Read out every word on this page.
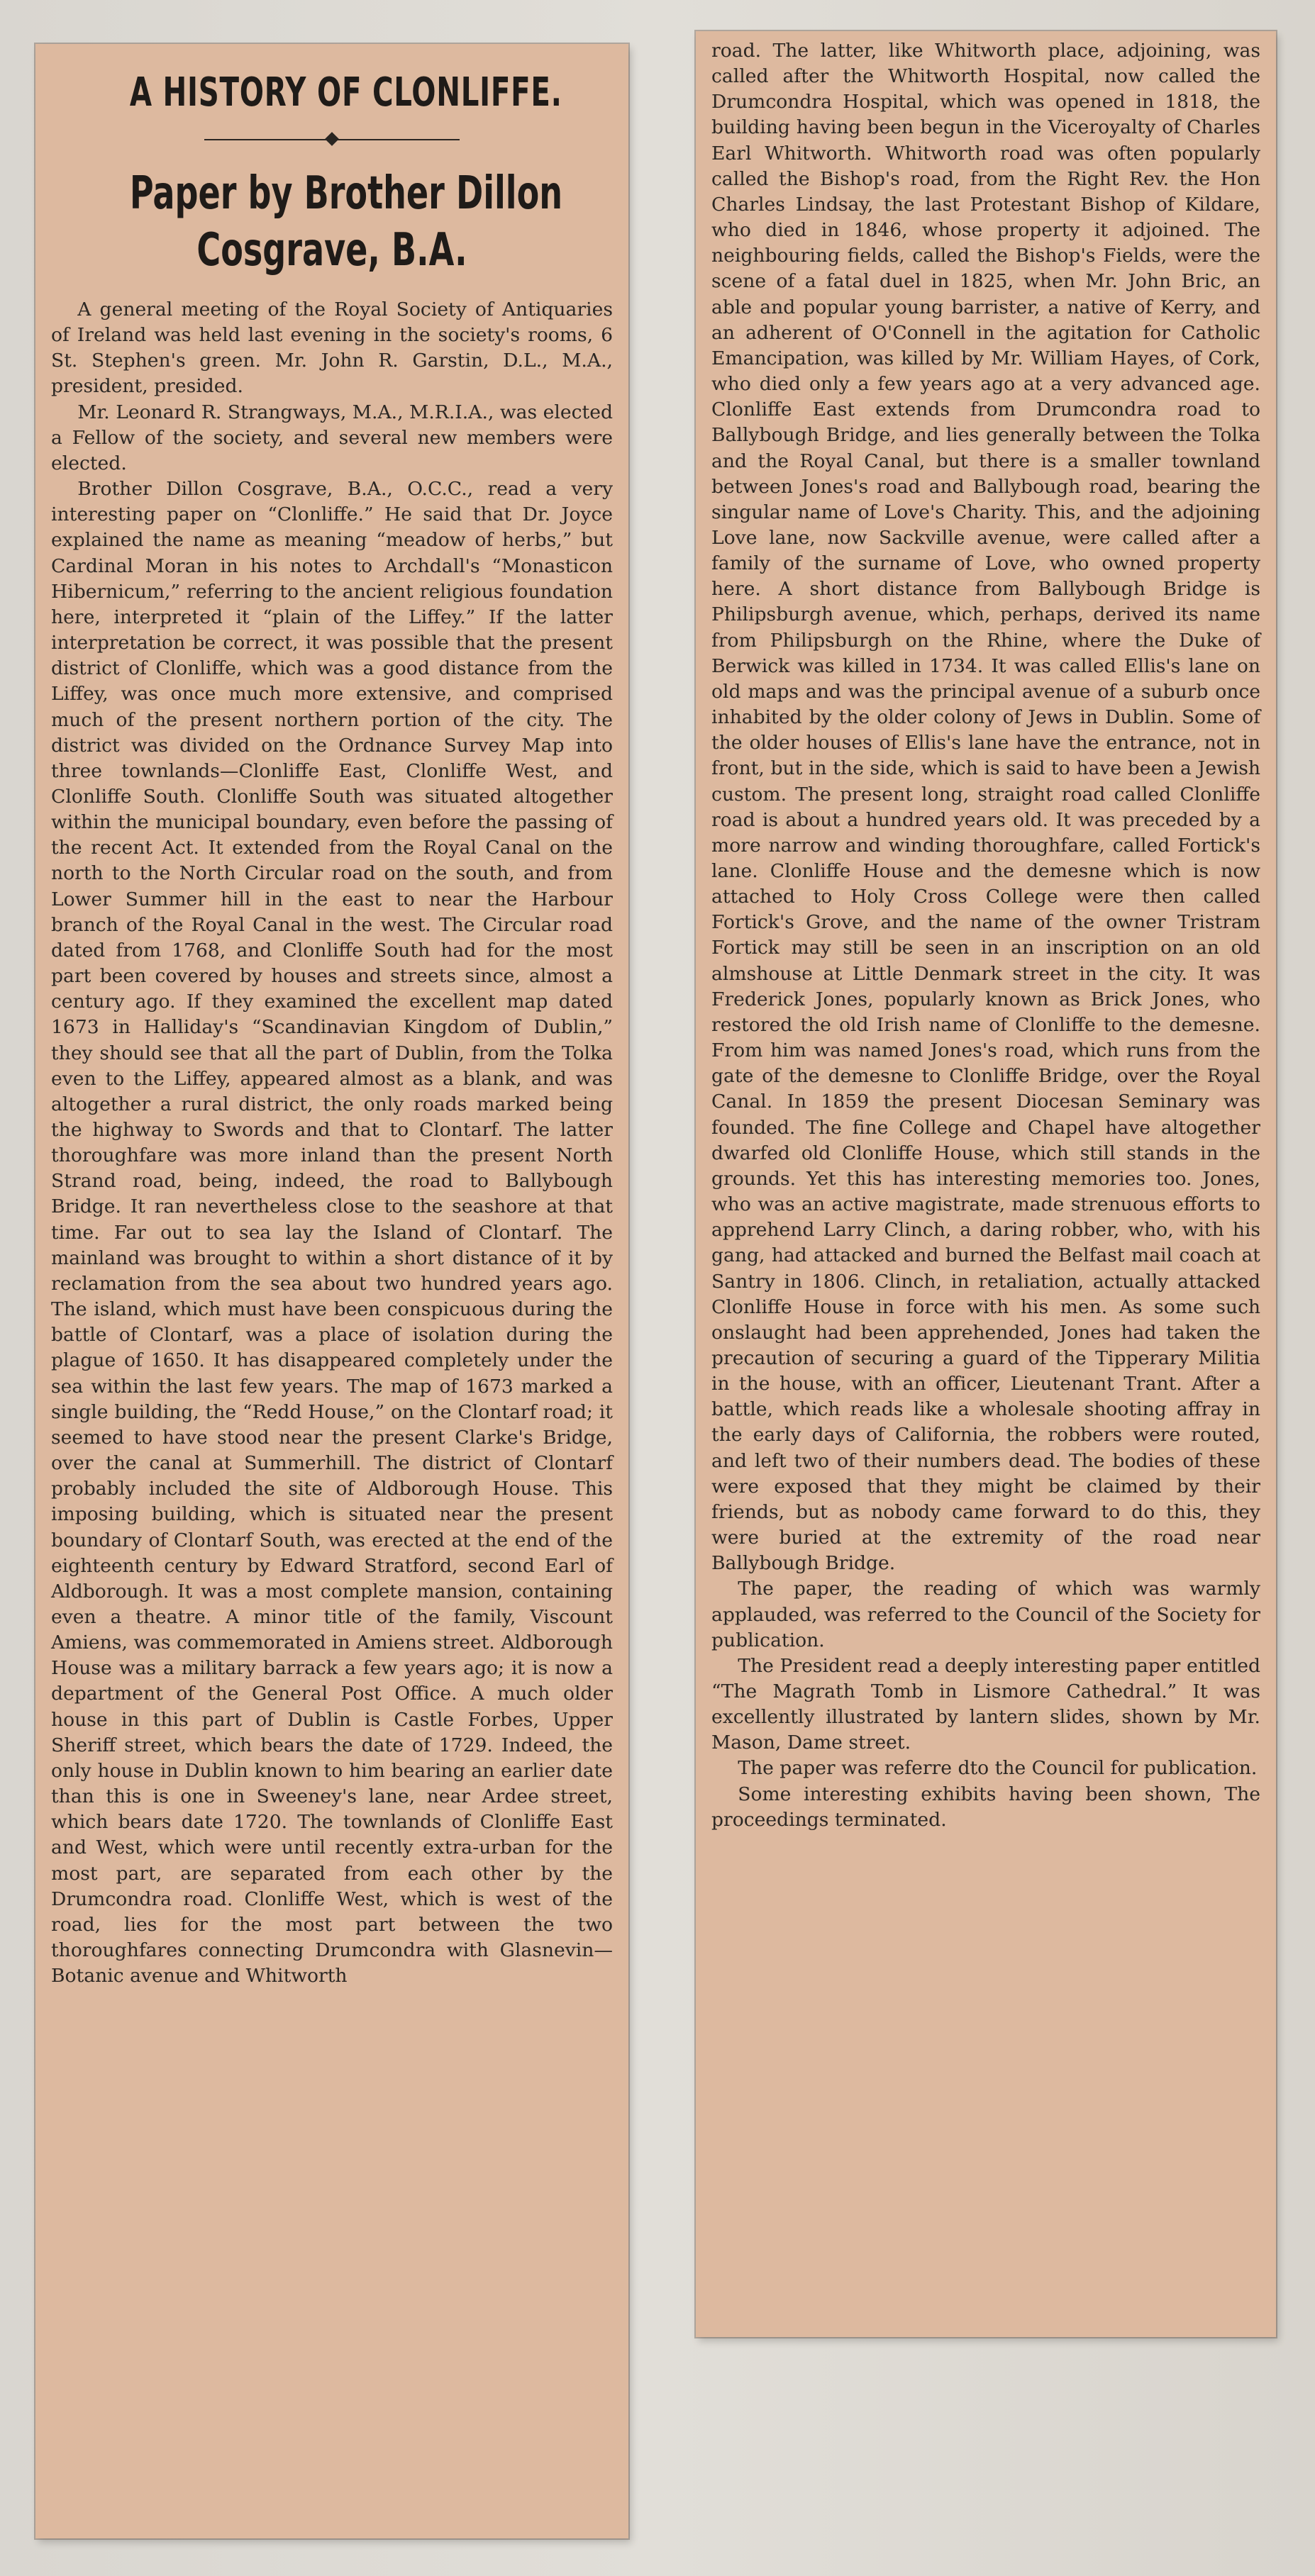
A HISTORY OF CLONLIFFE.
Paper by Brother Dillon
Cosgrave, B.A.

A general meeting of the Royal Society of Antiquaries of Ireland was held last evening in the society's rooms, 6 St. Stephen's green. Mr. John R. Garstin, D.L., M.A., president, presided.

Mr. Leonard R. Strangways, M.A., M.R.I.A., was elected a Fellow of the society, and several new members were elected.

Brother Dillon Cosgrave, B.A., O.C.C., read a very interesting paper on “Clonliffe.” He said that Dr. Joyce explained the name as meaning “meadow of herbs,” but Cardinal Moran in his notes to Archdall's “Monasticon Hibernicum,” referring to the ancient religious foundation here, interpreted it “plain of the Liffey.” If the latter interpretation be correct, it was possible that the present district of Clonliffe, which was a good distance from the Liffey, was once much more extensive, and comprised much of the present northern portion of the city. The district was divided on the Ordnance Survey Map into three townlands—Clonliffe East, Clonliffe West, and Clonliffe South. Clonliffe South was situated altogether within the municipal boundary, even before the passing of the recent Act. It extended from the Royal Canal on the north to the North Circular road on the south, and from Lower Summer hill in the east to near the Harbour branch of the Royal Canal in the west. The Circular road dated from 1768, and Clonliffe South had for the most part been covered by houses and streets since, almost a century ago. If they examined the excellent map dated 1673 in Halliday's “Scandinavian Kingdom of Dublin,” they should see that all the part of Dublin, from the Tolka even to the Liffey, appeared almost as a blank, and was altogether a rural district, the only roads marked being the highway to Swords and that to Clontarf. The latter thoroughfare was more inland than the present North Strand road, being, indeed, the road to Ballybough Bridge. It ran nevertheless close to the seashore at that time. Far out to sea lay the Island of Clontarf. The mainland was brought to within a short distance of it by reclamation from the sea about two hundred years ago. The island, which must have been conspicuous during the battle of Clontarf, was a place of isolation during the plague of 1650. It has disappeared completely under the sea within the last few years. The map of 1673 marked a single building, the “Redd House,” on the Clontarf road; it seemed to have stood near the present Clarke's Bridge, over the canal at Summerhill. The district of Clontarf probably included the site of Aldborough House. This imposing building, which is situated near the present boundary of Clontarf South, was erected at the end of the eighteenth century by Edward Stratford, second Earl of Aldborough. It was a most complete mansion, containing even a theatre. A minor title of the family, Viscount Amiens, was commemorated in Amiens street. Aldborough House was a military barrack a few years ago; it is now a department of the General Post Office. A much older house in this part of Dublin is Castle Forbes, Upper Sheriff street, which bears the date of 1729. Indeed, the only house in Dublin known to him bearing an earlier date than this is one in Sweeney's lane, near Ardee street, which bears date 1720. The townlands of Clonliffe East and West, which were until recently extra-urban for the most part, are separated from each other by the Drumcondra road. Clonliffe West, which is west of the road, lies for the most part between the two thoroughfares connecting Drumcondra with Glasnevin—Botanic avenue and Whitworth

road. The latter, like Whitworth place, adjoining, was called after the Whitworth Hospital, now called the Drumcondra Hospital, which was opened in 1818, the building having been begun in the Viceroyalty of Charles Earl Whitworth. Whitworth road was often popularly called the Bishop's road, from the Right Rev. the Hon Charles Lindsay, the last Protestant Bishop of Kildare, who died in 1846, whose property it adjoined. The neighbouring fields, called the Bishop's Fields, were the scene of a fatal duel in 1825, when Mr. John Bric, an able and popular young barrister, a native of Kerry, and an adherent of O'Connell in the agitation for Catholic Emancipation, was killed by Mr. William Hayes, of Cork, who died only a few years ago at a very advanced age. Clonliffe East extends from Drumcondra road to Ballybough Bridge, and lies generally between the Tolka and the Royal Canal, but there is a smaller townland between Jones's road and Ballybough road, bearing the singular name of Love's Charity. This, and the adjoining Love lane, now Sackville avenue, were called after a family of the surname of Love, who owned property here. A short distance from Ballybough Bridge is Philipsburgh avenue, which, perhaps, derived its name from Philipsburgh on the Rhine, where the Duke of Berwick was killed in 1734. It was called Ellis's lane on old maps and was the principal avenue of a suburb once inhabited by the older colony of Jews in Dublin. Some of the older houses of Ellis's lane have the entrance, not in front, but in the side, which is said to have been a Jewish custom. The present long, straight road called Clonliffe road is about a hundred years old. It was preceded by a more narrow and winding thoroughfare, called Fortick's lane. Clonliffe House and the demesne which is now attached to Holy Cross College were then called Fortick's Grove, and the name of the owner Tristram Fortick may still be seen in an inscription on an old almshouse at Little Denmark street in the city. It was Frederick Jones, popularly known as Brick Jones, who restored the old Irish name of Clonliffe to the demesne. From him was named Jones's road, which runs from the gate of the demesne to Clonliffe Bridge, over the Royal Canal. In 1859 the present Diocesan Seminary was founded. The fine College and Chapel have altogether dwarfed old Clonliffe House, which still stands in the grounds. Yet this has interesting memories too. Jones, who was an active magistrate, made strenuous efforts to apprehend Larry Clinch, a daring robber, who, with his gang, had attacked and burned the Belfast mail coach at Santry in 1806. Clinch, in retaliation, actually attacked Clonliffe House in force with his men. As some such onslaught had been apprehended, Jones had taken the precaution of securing a guard of the Tipperary Militia in the house, with an officer, Lieutenant Trant. After a battle, which reads like a wholesale shooting affray in the early days of California, the robbers were routed, and left two of their numbers dead. The bodies of these were exposed that they might be claimed by their friends, but as nobody came forward to do this, they were buried at the extremity of the road near Ballybough Bridge.

The paper, the reading of which was warmly applauded, was referred to the Council of the Society for publication.

The President read a deeply interesting paper entitled “The Magrath Tomb in Lismore Cathedral.” It was excellently illustrated by lantern slides, shown by Mr. Mason, Dame street.

The paper was referre dto the Council for publication.

Some interesting exhibits having been shown, The proceedings terminated.
